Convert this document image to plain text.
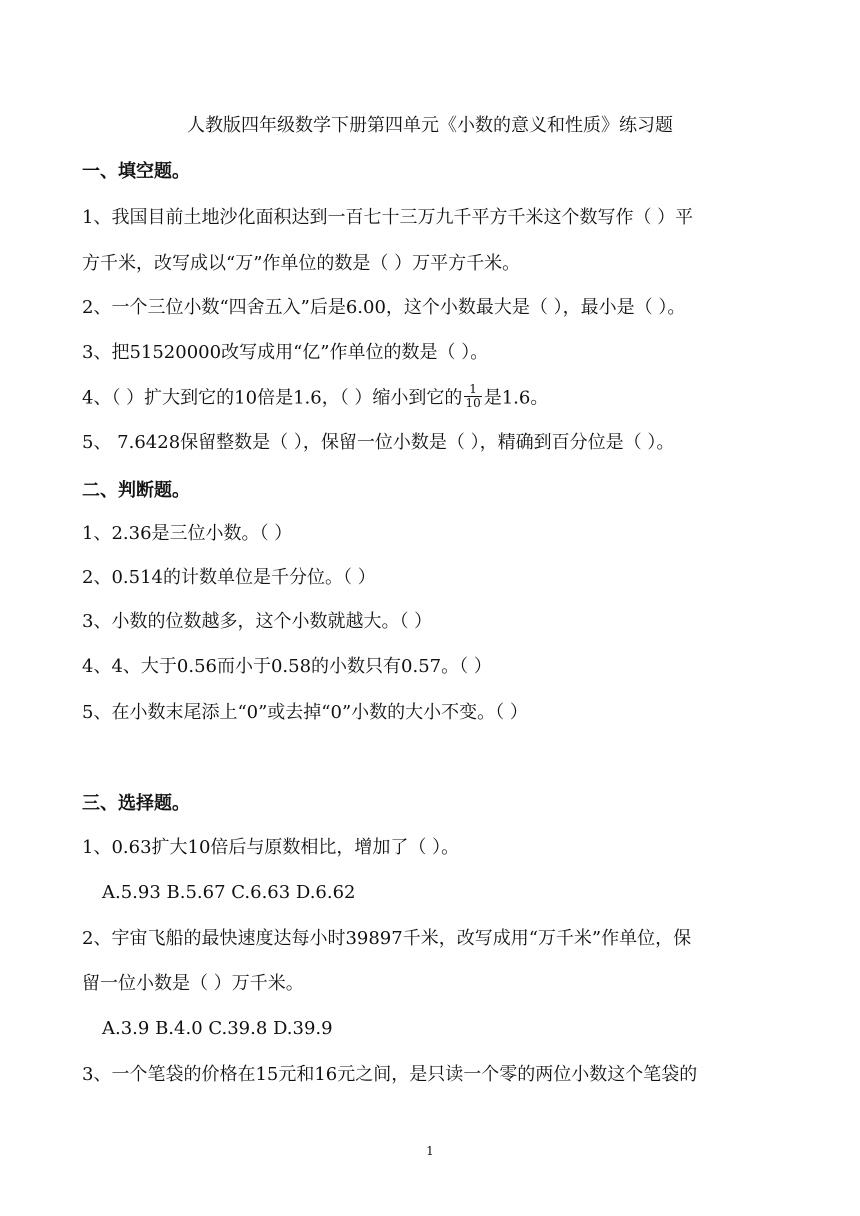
人教版四年级数学下册第四单元《小数的意义和性质》练习题
一、填空题。
1、我国目前土地沙化面积达到一百七十三万九千平方千米这个数写作（ ）平
方千米，改写成以“万”作单位的数是（ ）万平方千米。
2、一个三位小数“四舍五入”后是6.00，这个小数最大是（ ），最小是（ ）。
3、把51520000改写成用“亿”作单位的数是（ ）。
4、（ ）扩大到它的10倍是1.6，（ ）缩小到它的 $\frac{1}{10}$ 是1.6。
5、 7.6428保留整数是（ ），保留一位小数是（ ），精确到百分位是（ ）。
二、判断题。
1、2.36是三位小数。（ ）
2、0.514的计数单位是千分位。（ ）
3、小数的位数越多，这个小数就越大。（ ）
4、4、大于0.56而小于0.58的小数只有0.57。（ ）
5、在小数末尾添上“0”或去掉“0”小数的大小不变。（ ）
三、选择题。
1、0.63扩大10倍后与原数相比，增加了（ ）。
A.5.93 B.5.67 C.6.63 D.6.62
2、宇宙飞船的最快速度达每小时39897千米，改写成用“万千米”作单位，保
留一位小数是（ ）万千米。
A.3.9 B.4.0 C.39.8 D.39.9
3、一个笔袋的价格在15元和16元之间，是只读一个零的两位小数这个笔袋的
1
